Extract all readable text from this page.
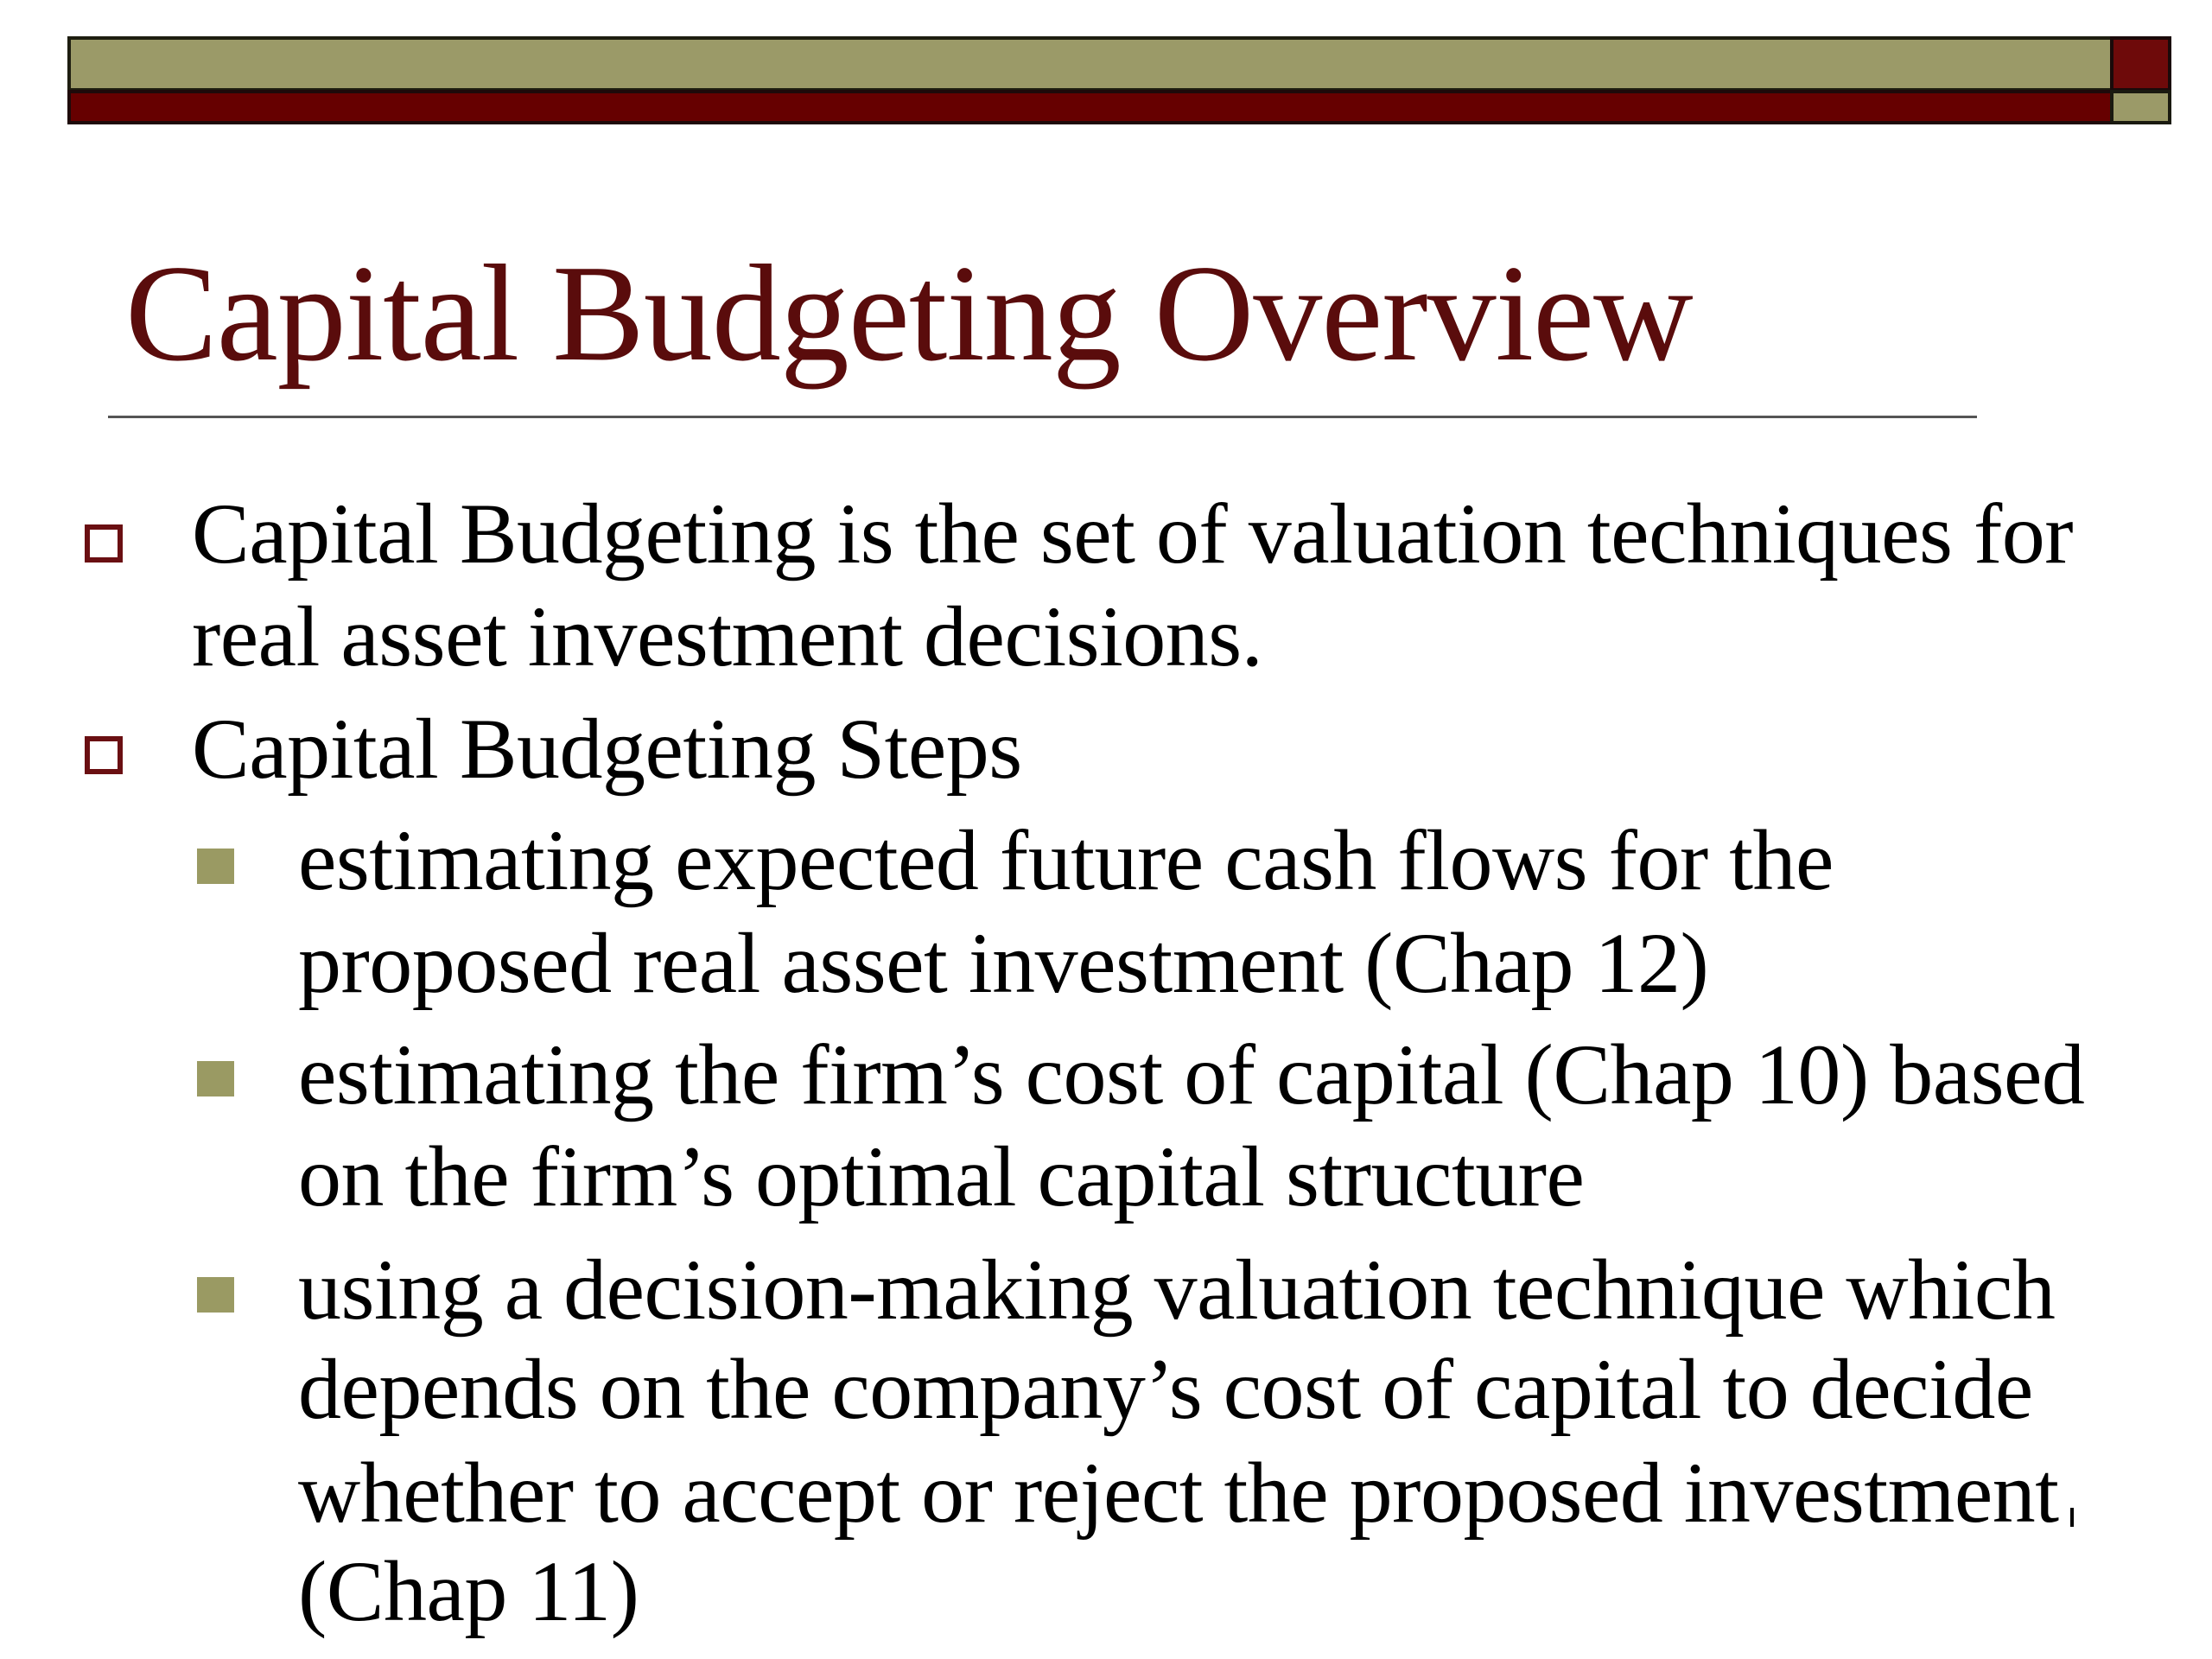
Capital Budgeting Overview
Capital Budgeting is the set of valuation techniques for
real asset investment decisions.
Capital Budgeting Steps
estimating expected future cash flows for the
proposed real asset investment (Chap 12)
estimating the firm’s cost of capital (Chap 10) based
on the firm’s optimal capital structure
using a decision-making valuation technique which
depends on the company’s cost of capital to decide
whether to accept or reject the proposed investment
(Chap 11)
